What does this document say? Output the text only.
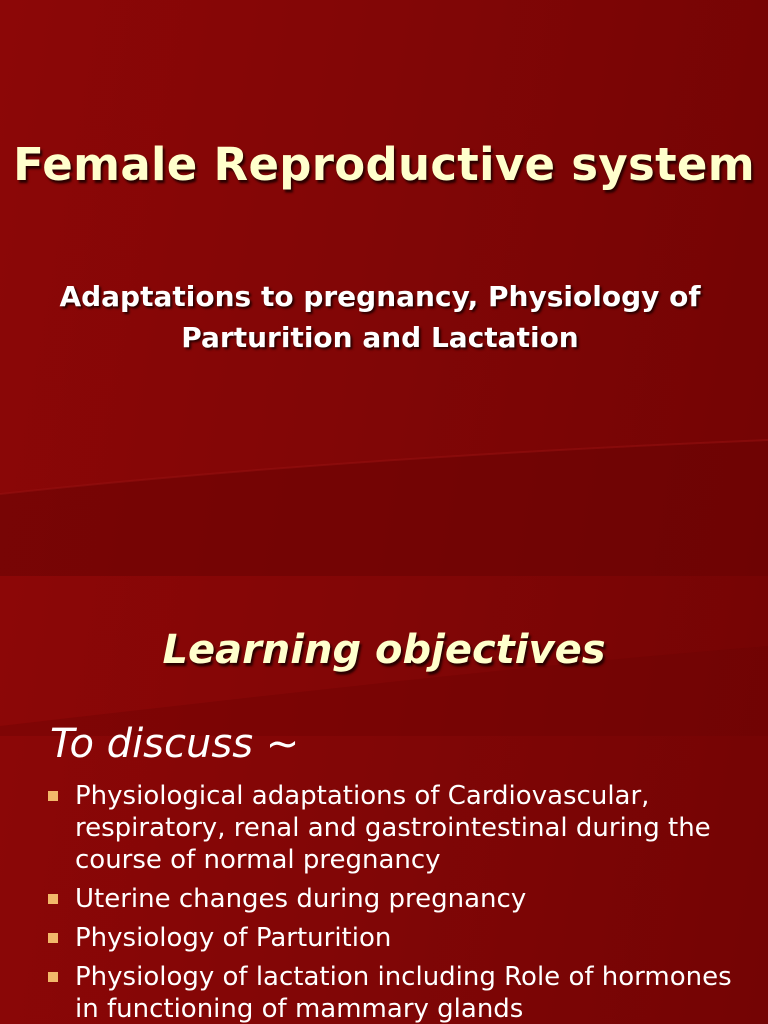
Female Reproductive system
Adaptations to pregnancy, Physiology of Parturition and Lactation
Learning objectives

To discuss ~

Physiological adaptations of Cardiovascular, respiratory, renal and gastrointestinal during the course of normal pregnancy
Uterine changes during pregnancy
Physiology of Parturition
Physiology of lactation including Role of hormones in functioning of mammary glands
